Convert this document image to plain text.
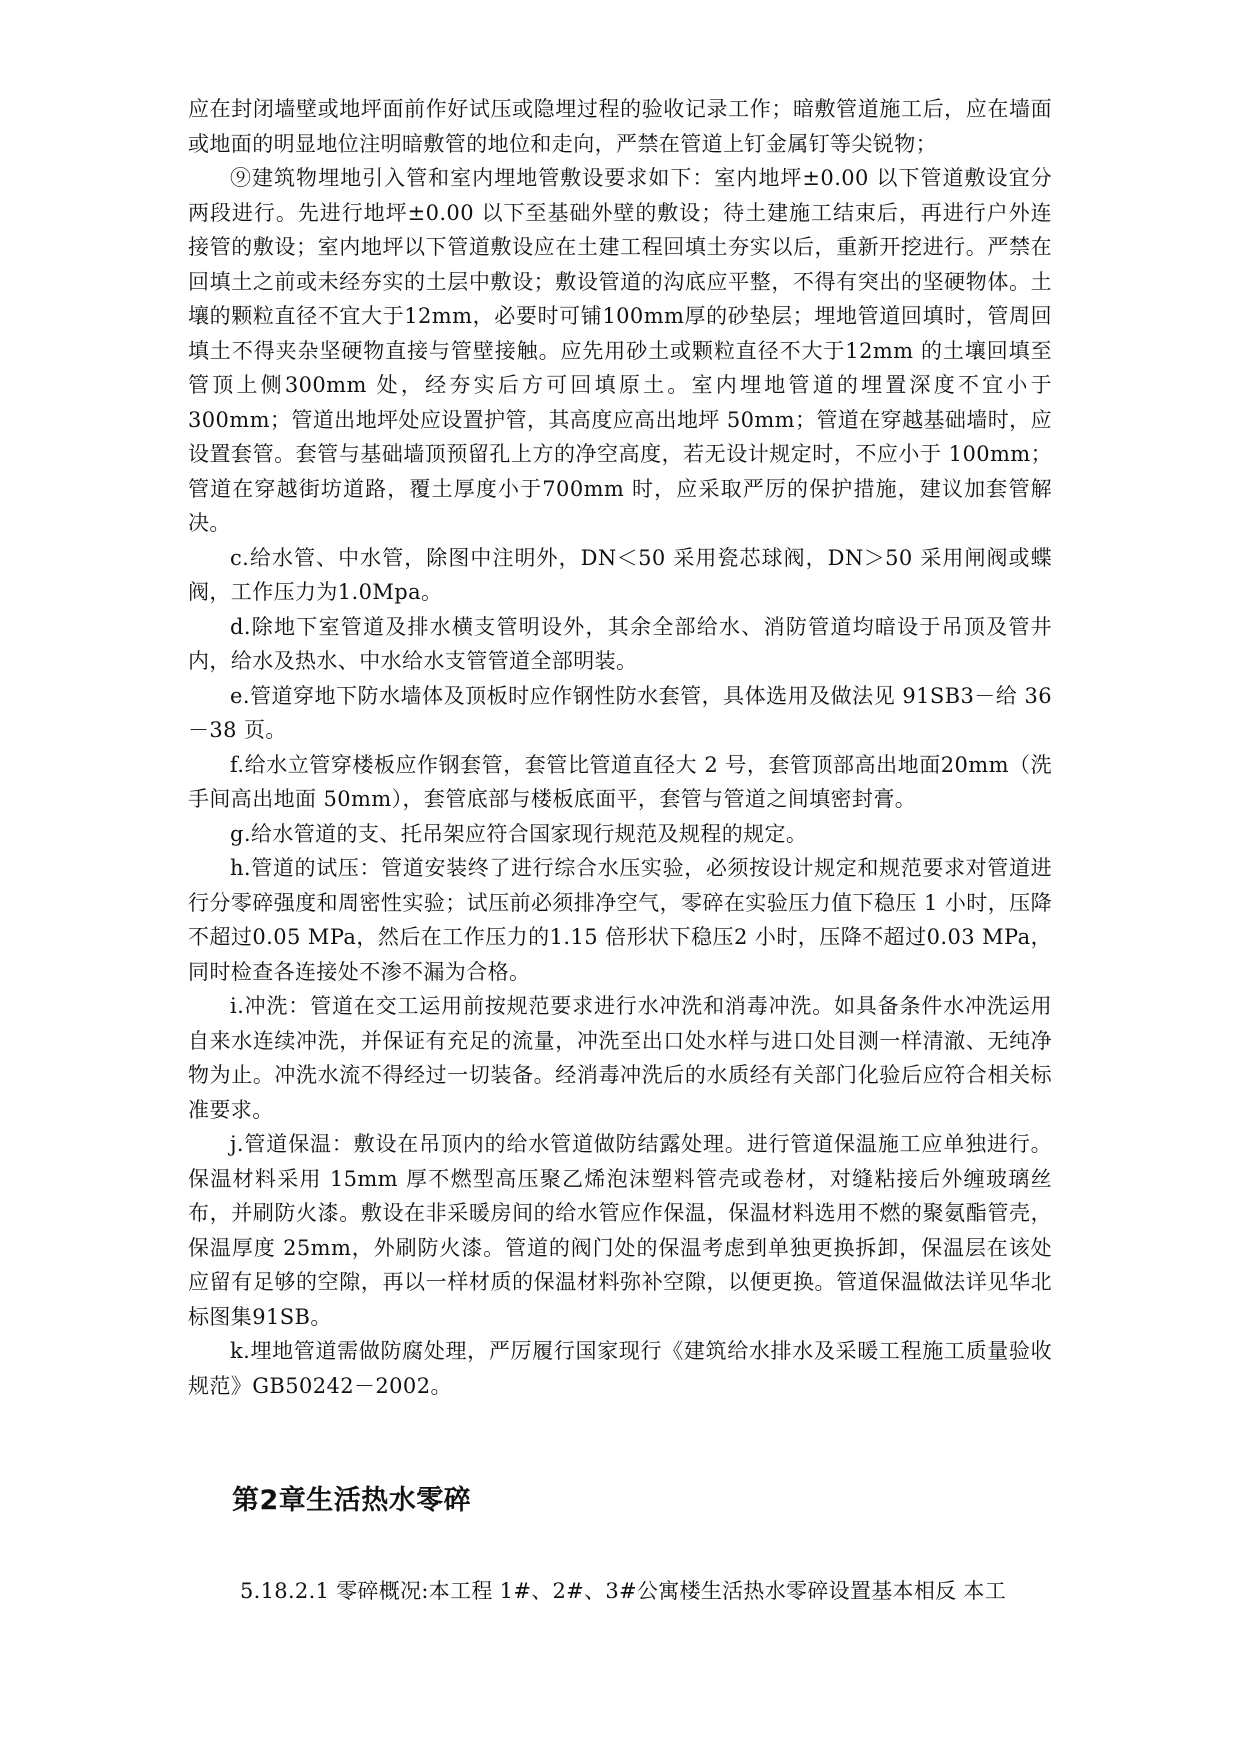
应在封闭墙壁或地坪面前作好试压或隐埋过程的验收记录工作；暗敷管道施工后，应在墙面或地面的明显地位注明暗敷管的地位和走向，严禁在管道上钉金属钉等尖锐物；

⑨建筑物埋地引入管和室内埋地管敷设要求如下：室内地坪±0.00 以下管道敷设宜分两段进行。先进行地坪±0.00 以下至基础外壁的敷设；待土建施工结束后，再进行户外连接管的敷设；室内地坪以下管道敷设应在土建工程回填土夯实以后，重新开挖进行。严禁在回填土之前或未经夯实的土层中敷设；敷设管道的沟底应平整，不得有突出的坚硬物体。土壤的颗粒直径不宜大于12mm，必要时可铺100mm厚的砂垫层；埋地管道回填时，管周回填土不得夹杂坚硬物直接与管壁接触。应先用砂土或颗粒直径不大于12mm 的土壤回填至管顶上侧300mm 处，经夯实后方可回填原土。室内埋地管道的埋置深度不宜小于300mm；管道出地坪处应设置护管，其高度应高出地坪 50mm；管道在穿越基础墙时，应设置套管。套管与基础墙顶预留孔上方的净空高度，若无设计规定时，不应小于 100mm；管道在穿越街坊道路，覆土厚度小于700mm 时，应采取严厉的保护措施，建议加套管解决。

c.给水管、中水管，除图中注明外，DN＜50 采用瓷芯球阀，DN＞50 采用闸阀或蝶阀，工作压力为1.0Mpa。

d.除地下室管道及排水横支管明设外，其余全部给水、消防管道均暗设于吊顶及管井内，给水及热水、中水给水支管管道全部明装。

e.管道穿地下防水墙体及顶板时应作钢性防水套管，具体选用及做法见 91SB3－给 36－38 页。

f.给水立管穿楼板应作钢套管，套管比管道直径大 2 号，套管顶部高出地面20mm（洗手间高出地面 50mm），套管底部与楼板底面平，套管与管道之间填密封膏。

g.给水管道的支、托吊架应符合国家现行规范及规程的规定。

h.管道的试压：管道安装终了进行综合水压实验，必须按设计规定和规范要求对管道进行分零碎强度和周密性实验；试压前必须排净空气，零碎在实验压力值下稳压 1 小时，压降不超过0.05 MPa，然后在工作压力的1.15 倍形状下稳压2 小时，压降不超过0.03 MPa，同时检查各连接处不渗不漏为合格。

i.冲洗：管道在交工运用前按规范要求进行水冲洗和消毒冲洗。如具备条件水冲洗运用自来水连续冲洗，并保证有充足的流量，冲洗至出口处水样与进口处目测一样清澈、无纯净物为止。冲洗水流不得经过一切装备。经消毒冲洗后的水质经有关部门化验后应符合相关标准要求。

j.管道保温：敷设在吊顶内的给水管道做防结露处理。进行管道保温施工应单独进行。保温材料采用 15mm 厚不燃型高压聚乙烯泡沫塑料管壳或卷材，对缝粘接后外缠玻璃丝布，并刷防火漆。敷设在非采暖房间的给水管应作保温，保温材料选用不燃的聚氨酯管壳，保温厚度 25mm，外刷防火漆。管道的阀门处的保温考虑到单独更换拆卸，保温层在该处应留有足够的空隙，再以一样材质的保温材料弥补空隙，以便更换。管道保温做法详见华北标图集91SB。

k.埋地管道需做防腐处理，严厉履行国家现行《建筑给水排水及采暖工程施工质量验收规范》GB50242－2002。

第2章生活热水零碎

5.18.2.1 零碎概况:本工程 1#、2#、3#公寓楼生活热水零碎设置基本相反 本工
